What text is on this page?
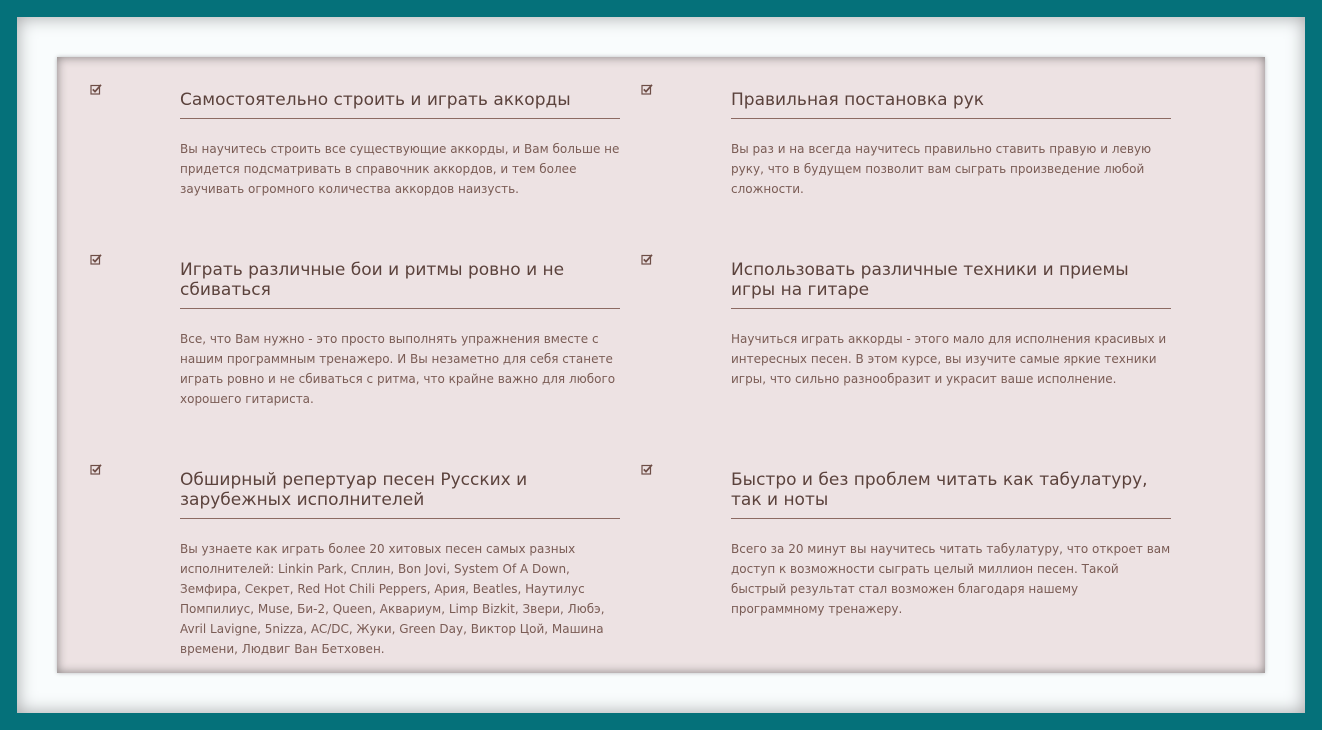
Самостоятельно строить и играть аккорды

Вы научитесь строить все существующие аккорды, и Вам больше не придется подсматривать в справочник аккордов, и тем более заучивать огромного количества аккордов наизусть.

Правильная постановка рук

Вы раз и на всегда научитесь правильно ставить правую и левую руку, что в будущем позволит вам сыграть произведение любой сложности.

Играть различные бои и ритмы ровно и не сбиваться

Все, что Вам нужно - это просто выполнять упражнения вместе с нашим программным тренажеро. И Вы незаметно для себя станете играть ровно и не сбиваться с ритма, что крайне важно для любого хорошего гитариста.

Использовать различные техники и приемы игры на гитаре

Научиться играть аккорды - этого мало для исполнения красивых и интересных песен. В этом курсе, вы изучите самые яркие техники игры, что сильно разнообразит и украсит ваше исполнение.

Обширный репертуар песен Русских и зарубежных исполнителей

Вы узнаете как играть более 20 хитовых песен самых разных исполнителей: Linkin Park, Сплин, Bon Jovi, System Of A Down, Земфира, Секрет, Red Hot Chili Peppers, Ария, Beatles, Наутилус Помпилиус, Muse, Би-2, Queen, Аквариум, Limp Bizkit, Звери, Любэ, Avril Lavigne, 5nizza, AC/DC, Жуки, Green Day, Виктор Цой, Машина времени, Людвиг Ван Бетховен.

Быстро и без проблем читать как табулатуру, так и ноты

Всего за 20 минут вы научитесь читать табулатуру, что откроет вам доступ к возможности сыграть целый миллион песен. Такой быстрый результат стал возможен благодаря нашему программному тренажеру.
